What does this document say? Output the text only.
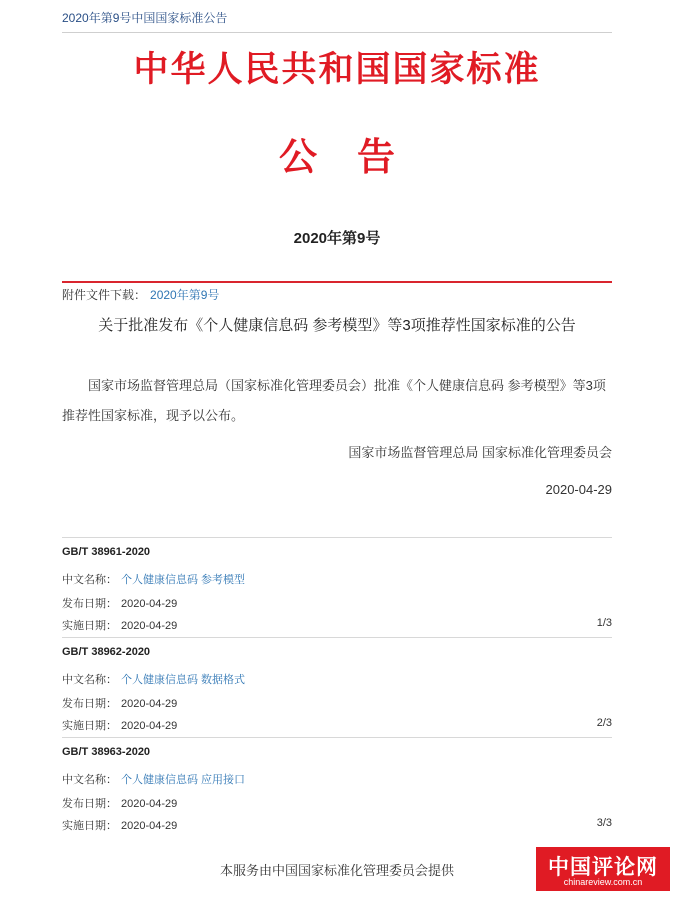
2020年第9号中国国家标准公告
中华人民共和国国家标准
公告
2020年第9号
附件文件下载： 2020年第9号
关于批准发布《个人健康信息码 参考模型》等3项推荐性国家标准的公告
国家市场监督管理总局（国家标准化管理委员会）批准《个人健康信息码 参考模型》等3项推荐性国家标准，现予以公布。
国家市场监督管理总局 国家标准化管理委员会
2020-04-29
GB/T 38961-2020
中文名称： 个人健康信息码 参考模型
发布日期： 2020-04-29
实施日期： 2020-04-29	1/3
GB/T 38962-2020
中文名称： 个人健康信息码 数据格式
发布日期： 2020-04-29
实施日期： 2020-04-29	2/3
GB/T 38963-2020
中文名称： 个人健康信息码 应用接口
发布日期： 2020-04-29
实施日期： 2020-04-29	3/3
本服务由中国国家标准化管理委员会提供	中国评论网
chinareview.com.cn
